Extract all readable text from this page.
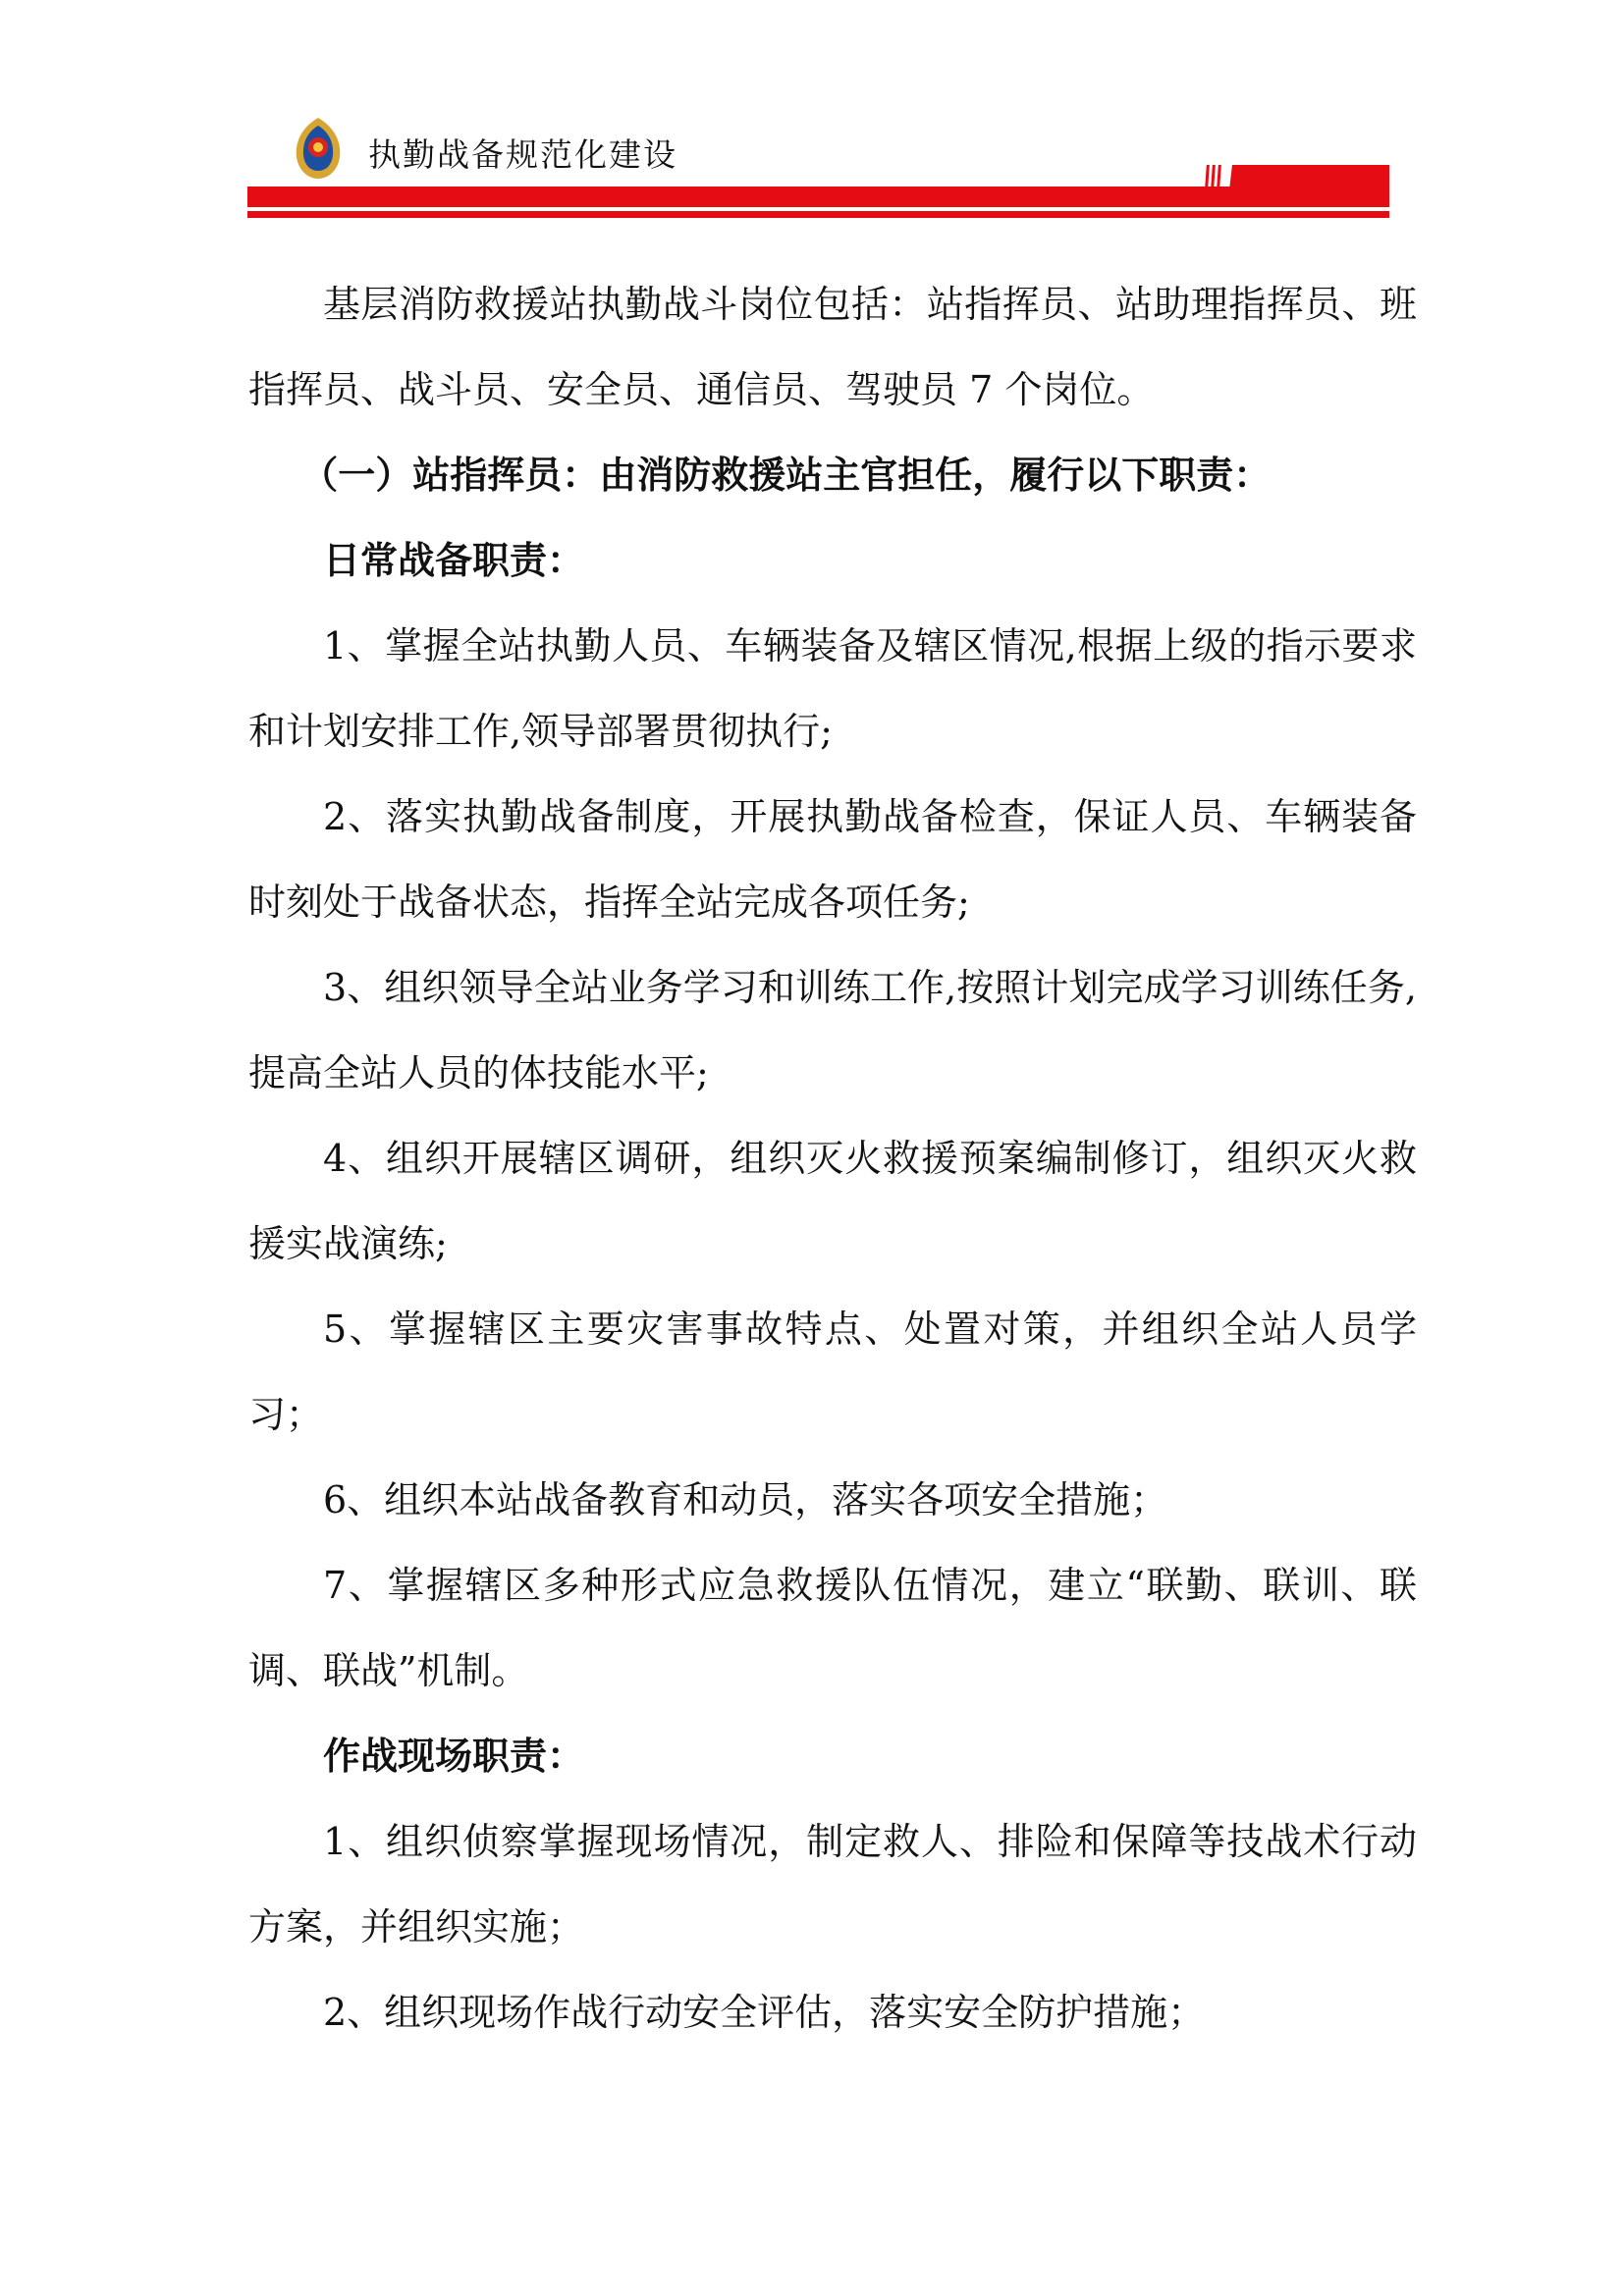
执勤战备规范化建设

基层消防救援站执勤战斗岗位包括：站指挥员、站助理指挥员、班指挥员、战斗员、安全员、通信员、驾驶员 7 个岗位。

（一）站指挥员：由消防救援站主官担任，履行以下职责：

日常战备职责：

1、掌握全站执勤人员、车辆装备及辖区情况,根据上级的指示要求和计划安排工作,领导部署贯彻执行;

2、落实执勤战备制度，开展执勤战备检查，保证人员、车辆装备时刻处于战备状态，指挥全站完成各项任务;

3、组织领导全站业务学习和训练工作,按照计划完成学习训练任务,提高全站人员的体技能水平;

4、组织开展辖区调研，组织灭火救援预案编制修订，组织灭火救援实战演练;

5、掌握辖区主要灾害事故特点、处置对策，并组织全站人员学习；

6、组织本站战备教育和动员，落实各项安全措施；

7、掌握辖区多种形式应急救援队伍情况，建立“联勤、联训、联调、联战”机制。

作战现场职责：

1、组织侦察掌握现场情况，制定救人、排险和保障等技战术行动方案，并组织实施；

2、组织现场作战行动安全评估，落实安全防护措施；
